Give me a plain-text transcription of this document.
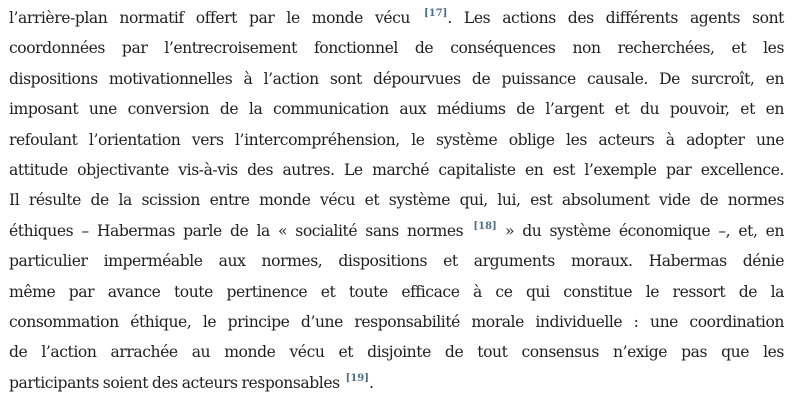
l’arrière-plan normatif offert par le monde vécu [17]. Les actions des différents agents sont
coordonnées par l’entrecroisement fonctionnel de conséquences non recherchées, et les
dispositions motivationnelles à l’action sont dépourvues de puissance causale. De surcroît, en
imposant une conversion de la communication aux médiums de l’argent et du pouvoir, et en
refoulant l’orientation vers l’intercompréhension, le système oblige les acteurs à adopter une
attitude objectivante vis-à-vis des autres. Le marché capitaliste en est l’exemple par excellence.
Il résulte de la scission entre monde vécu et système qui, lui, est absolument vide de normes
éthiques – Habermas parle de la « socialité sans normes [18] » du système économique –, et, en
particulier imperméable aux normes, dispositions et arguments moraux. Habermas dénie
même par avance toute pertinence et toute efficace à ce qui constitue le ressort de la
consommation éthique, le principe d’une responsabilité morale individuelle : une coordination
de l’action arrachée au monde vécu et disjointe de tout consensus n’exige pas que les
participants soient des acteurs responsables [19].
